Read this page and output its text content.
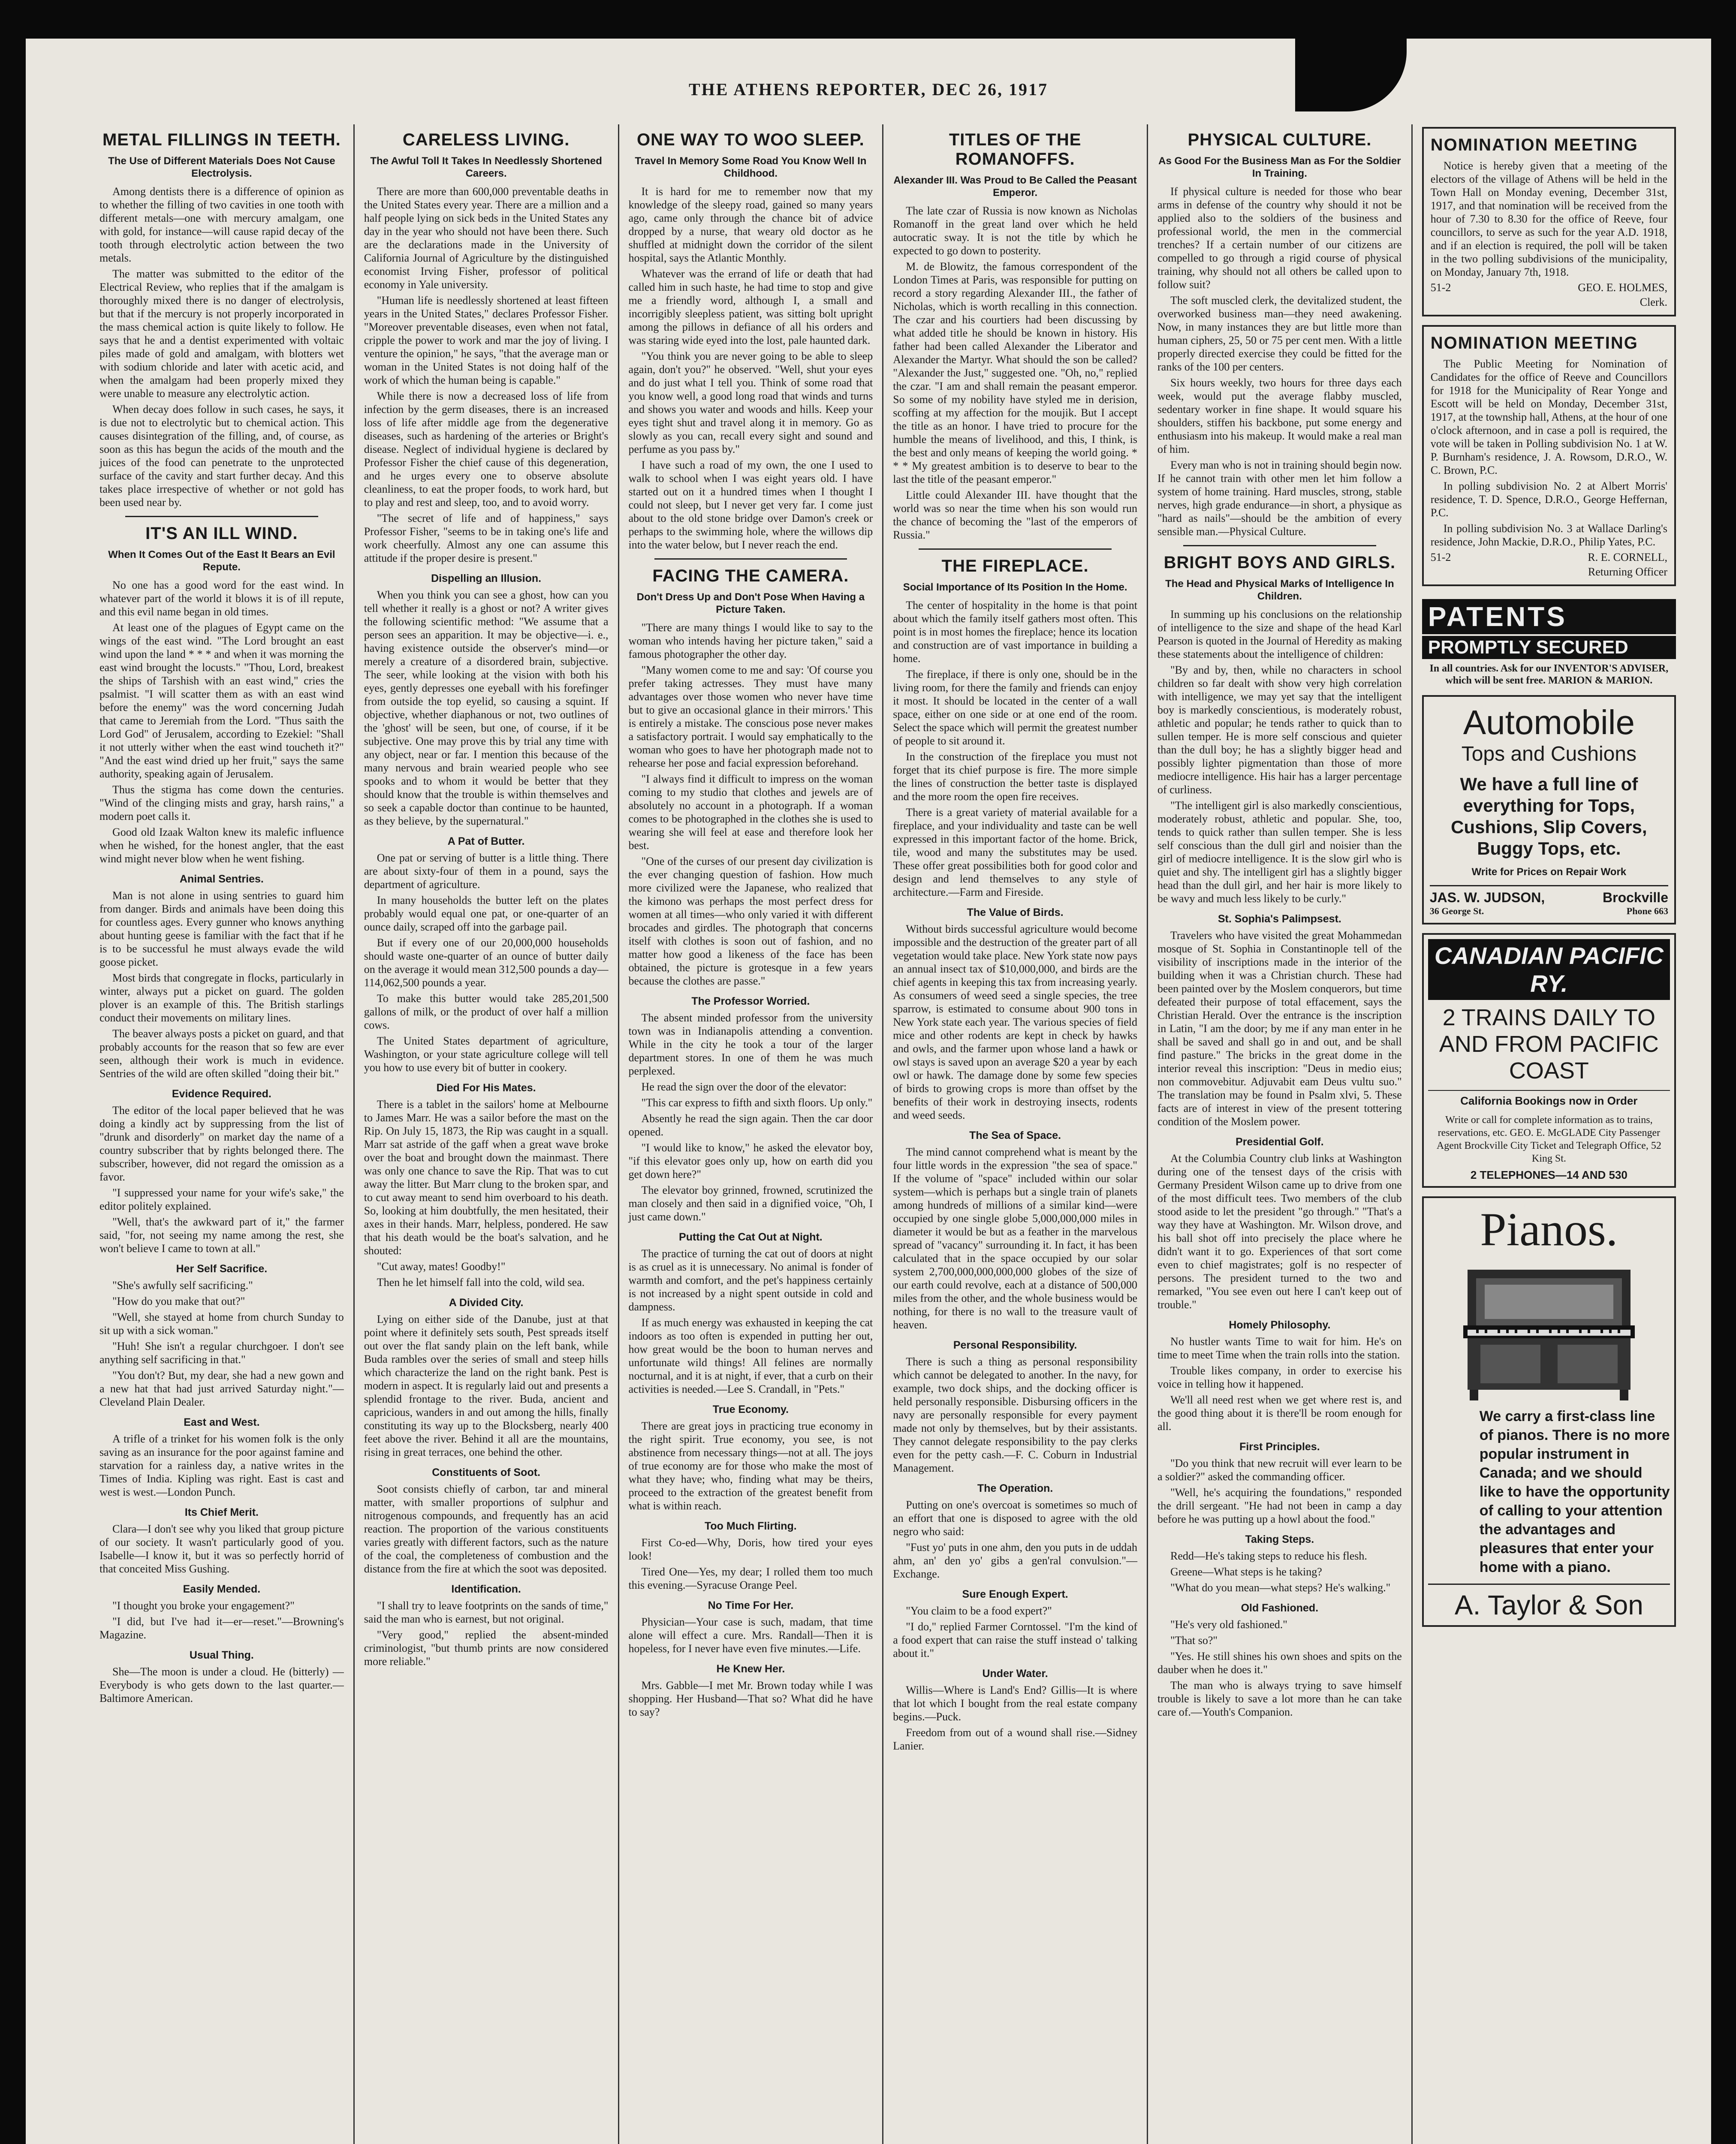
THE ATHENS REPORTER, DEC 26, 1917
METAL FILLINGS IN TEETH.
The Use of Different Materials Does Not Cause Electrolysis.

Among dentists there is a difference of opinion as to whether the filling of two cavities in one tooth with different metals—one with mercury amalgam, one with gold, for instance—will cause rapid decay of the tooth through electrolytic action between the two metals.

The matter was submitted to the editor of the Electrical Review, who replies that if the amalgam is thoroughly mixed there is no danger of electrolysis, but that if the mercury is not properly incorporated in the mass chemical action is quite likely to follow. He says that he and a dentist experimented with voltaic piles made of gold and amalgam, with blotters wet with sodium chloride and later with acetic acid, and when the amalgam had been properly mixed they were unable to measure any electrolytic action.

When decay does follow in such cases, he says, it is due not to electrolytic but to chemical action. This causes disintegration of the filling, and, of course, as soon as this has begun the acids of the mouth and the juices of the food can penetrate to the unprotected surface of the cavity and start further decay. And this takes place irrespective of whether or not gold has been used near by.

IT'S AN ILL WIND.
When It Comes Out of the East It Bears an Evil Repute.

No one has a good word for the east wind. In whatever part of the world it blows it is of ill repute, and this evil name began in old times.

At least one of the plagues of Egypt came on the wings of the east wind. "The Lord brought an east wind upon the land * * * and when it was morning the east wind brought the locusts." "Thou, Lord, breakest the ships of Tarshish with an east wind," cries the psalmist. "I will scatter them as with an east wind before the enemy" was the word concerning Judah that came to Jeremiah from the Lord. "Thus saith the Lord God" of Jerusalem, according to Ezekiel: "Shall it not utterly wither when the east wind toucheth it?" "And the east wind dried up her fruit," says the same authority, speaking again of Jerusalem.

Thus the stigma has come down the centuries. "Wind of the clinging mists and gray, harsh rains," a modern poet calls it.

Good old Izaak Walton knew its malefic influence when he wished, for the honest angler, that the east wind might never blow when he went fishing.

Animal Sentries.

Man is not alone in using sentries to guard him from danger. Birds and animals have been doing this for countless ages. Every gunner who knows anything about hunting geese is familiar with the fact that if he is to be successful he must always evade the wild goose picket.

Most birds that congregate in flocks, particularly in winter, always put a picket on guard. The golden plover is an example of this. The British starlings conduct their movements on military lines.

The beaver always posts a picket on guard, and that probably accounts for the reason that so few are ever seen, although their work is much in evidence. Sentries of the wild are often skilled "doing their bit."

Evidence Required.

The editor of the local paper believed that he was doing a kindly act by suppressing from the list of "drunk and disorderly" on market day the name of a country subscriber that by rights belonged there. The subscriber, however, did not regard the omission as a favor.

"I suppressed your name for your wife's sake," the editor politely explained.

"Well, that's the awkward part of it," the farmer said, "for, not seeing my name among the rest, she won't believe I came to town at all."

Her Self Sacrifice.

"She's awfully self sacrificing."

"How do you make that out?"

"Well, she stayed at home from church Sunday to sit up with a sick woman."

"Huh! She isn't a regular churchgoer. I don't see anything self sacrificing in that."

"You don't? But, my dear, she had a new gown and a new hat that had just arrived Saturday night."—Cleveland Plain Dealer.

East and West.

A trifle of a trinket for his women folk is the only saving as an insurance for the poor against famine and starvation for a rainless day, a native writes in the Times of India. Kipling was right. East is cast and west is west.—London Punch.

Its Chief Merit.

Clara—I don't see why you liked that group picture of our society. It wasn't particularly good of you. Isabelle—I know it, but it was so perfectly horrid of that conceited Miss Gushing.

Easily Mended.

"I thought you broke your engagement?"

"I did, but I've had it—er—reset."—Browning's Magazine.

Usual Thing.

She—The moon is under a cloud. He (bitterly) — Everybody is who gets down to the last quarter.—Baltimore American.

CARELESS LIVING.
The Awful Toll It Takes In Needlessly Shortened Careers.

There are more than 600,000 preventable deaths in the United States every year. There are a million and a half people lying on sick beds in the United States any day in the year who should not have been there. Such are the declarations made in the University of California Journal of Agriculture by the distinguished economist Irving Fisher, professor of political economy in Yale university.

"Human life is needlessly shortened at least fifteen years in the United States," declares Professor Fisher. "Moreover preventable diseases, even when not fatal, cripple the power to work and mar the joy of living. I venture the opinion," he says, "that the average man or woman in the United States is not doing half of the work of which the human being is capable."

While there is now a decreased loss of life from infection by the germ diseases, there is an increased loss of life after middle age from the degenerative diseases, such as hardening of the arteries or Bright's disease. Neglect of individual hygiene is declared by Professor Fisher the chief cause of this degeneration, and he urges every one to observe absolute cleanliness, to eat the proper foods, to work hard, but to play and rest and sleep, too, and to avoid worry.

"The secret of life and of happiness," says Professor Fisher, "seems to be in taking one's life and work cheerfully. Almost any one can assume this attitude if the proper desire is present."

Dispelling an Illusion.

When you think you can see a ghost, how can you tell whether it really is a ghost or not? A writer gives the following scientific method: "We assume that a person sees an apparition. It may be objective—i. e., having existence outside the observer's mind—or merely a creature of a disordered brain, subjective. The seer, while looking at the vision with both his eyes, gently depresses one eyeball with his forefinger from outside the top eyelid, so causing a squint. If objective, whether diaphanous or not, two outlines of the 'ghost' will be seen, but one, of course, if it be subjective. One may prove this by trial any time with any object, near or far. I mention this because of the many nervous and brain wearied people who see spooks and to whom it would be better that they should know that the trouble is within themselves and so seek a capable doctor than continue to be haunted, as they believe, by the supernatural."

A Pat of Butter.

One pat or serving of butter is a little thing. There are about sixty-four of them in a pound, says the department of agriculture.

In many households the butter left on the plates probably would equal one pat, or one-quarter of an ounce daily, scraped off into the garbage pail.

But if every one of our 20,000,000 households should waste one-quarter of an ounce of butter daily on the average it would mean 312,500 pounds a day—114,062,500 pounds a year.

To make this butter would take 285,201,500 gallons of milk, or the product of over half a million cows.

The United States department of agriculture, Washington, or your state agriculture college will tell you how to use every bit of butter in cookery.

Died For His Mates.

There is a tablet in the sailors' home at Melbourne to James Marr. He was a sailor before the mast on the Rip. On July 15, 1873, the Rip was caught in a squall. Marr sat astride of the gaff when a great wave broke over the boat and brought down the mainmast. There was only one chance to save the Rip. That was to cut away the litter. But Marr clung to the broken spar, and to cut away meant to send him overboard to his death. So, looking at him doubtfully, the men hesitated, their axes in their hands. Marr, helpless, pondered. He saw that his death would be the boat's salvation, and he shouted:

"Cut away, mates! Goodby!"

Then he let himself fall into the cold, wild sea.

A Divided City.

Lying on either side of the Danube, just at that point where it definitely sets south, Pest spreads itself out over the flat sandy plain on the left bank, while Buda rambles over the series of small and steep hills which characterize the land on the right bank. Pest is modern in aspect. It is regularly laid out and presents a splendid frontage to the river. Buda, ancient and capricious, wanders in and out among the hills, finally constituting its way up to the Blocksberg, nearly 400 feet above the river. Behind it all are the mountains, rising in great terraces, one behind the other.

Constituents of Soot.

Soot consists chiefly of carbon, tar and mineral matter, with smaller proportions of sulphur and nitrogenous compounds, and frequently has an acid reaction. The proportion of the various constituents varies greatly with different factors, such as the nature of the coal, the completeness of combustion and the distance from the fire at which the soot was deposited.

Identification.

"I shall try to leave footprints on the sands of time," said the man who is earnest, but not original.

"Very good," replied the absent-minded criminologist, "but thumb prints are now considered more reliable."

ONE WAY TO WOO SLEEP.
Travel In Memory Some Road You Know Well In Childhood.

It is hard for me to remember now that my knowledge of the sleepy road, gained so many years ago, came only through the chance bit of advice dropped by a nurse, that weary old doctor as he shuffled at midnight down the corridor of the silent hospital, says the Atlantic Monthly.

Whatever was the errand of life or death that had called him in such haste, he had time to stop and give me a friendly word, although I, a small and incorrigibly sleepless patient, was sitting bolt upright among the pillows in defiance of all his orders and was staring wide eyed into the lost, pale haunted dark.

"You think you are never going to be able to sleep again, don't you?" he observed. "Well, shut your eyes and do just what I tell you. Think of some road that you know well, a good long road that winds and turns and shows you water and woods and hills. Keep your eyes tight shut and travel along it in memory. Go as slowly as you can, recall every sight and sound and perfume as you pass by."

I have such a road of my own, the one I used to walk to school when I was eight years old. I have started out on it a hundred times when I thought I could not sleep, but I never get very far. I come just about to the old stone bridge over Damon's creek or perhaps to the swimming hole, where the willows dip into the water below, but I never reach the end.

FACING THE CAMERA.
Don't Dress Up and Don't Pose When Having a Picture Taken.

"There are many things I would like to say to the woman who intends having her picture taken," said a famous photographer the other day.

"Many women come to me and say: 'Of course you prefer taking actresses. They must have many advantages over those women who never have time but to give an occasional glance in their mirrors.' This is entirely a mistake. The conscious pose never makes a satisfactory portrait. I would say emphatically to the woman who goes to have her photograph made not to rehearse her pose and facial expression beforehand.

"I always find it difficult to impress on the woman coming to my studio that clothes and jewels are of absolutely no account in a photograph. If a woman comes to be photographed in the clothes she is used to wearing she will feel at ease and therefore look her best.

"One of the curses of our present day civilization is the ever changing question of fashion. How much more civilized were the Japanese, who realized that the kimono was perhaps the most perfect dress for women at all times—who only varied it with different brocades and girdles. The photograph that concerns itself with clothes is soon out of fashion, and no matter how good a likeness of the face has been obtained, the picture is grotesque in a few years because the clothes are passe."

The Professor Worried.

The absent minded professor from the university town was in Indianapolis attending a convention. While in the city he took a tour of the larger department stores. In one of them he was much perplexed.

He read the sign over the door of the elevator:

"This car express to fifth and sixth floors. Up only."

Absently he read the sign again. Then the car door opened.

"I would like to know," he asked the elevator boy, "if this elevator goes only up, how on earth did you get down here?"

The elevator boy grinned, frowned, scrutinized the man closely and then said in a dignified voice, "Oh, I just came down."

Putting the Cat Out at Night.

The practice of turning the cat out of doors at night is as cruel as it is unnecessary. No animal is fonder of warmth and comfort, and the pet's happiness certainly is not increased by a night spent outside in cold and dampness.

If as much energy was exhausted in keeping the cat indoors as too often is expended in putting her out, how great would be the boon to human nerves and unfortunate wild things! All felines are normally nocturnal, and it is at night, if ever, that a curb on their activities is needed.—Lee S. Crandall, in "Pets."

True Economy.

There are great joys in practicing true economy in the right spirit. True economy, you see, is not abstinence from necessary things—not at all. The joys of true economy are for those who make the most of what they have; who, finding what may be theirs, proceed to the extraction of the greatest benefit from what is within reach.

Too Much Flirting.

First Co-ed—Why, Doris, how tired your eyes look!

Tired One—Yes, my dear; I rolled them too much this evening.—Syracuse Orange Peel.

No Time For Her.

Physician—Your case is such, madam, that time alone will effect a cure. Mrs. Randall—Then it is hopeless, for I never have even five minutes.—Life.

He Knew Her.

Mrs. Gabble—I met Mr. Brown today while I was shopping. Her Husband—That so? What did he have to say?

TITLES OF THE ROMANOFFS.
Alexander III. Was Proud to Be Called the Peasant Emperor.

The late czar of Russia is now known as Nicholas Romanoff in the great land over which he held autocratic sway. It is not the title by which he expected to go down to posterity.

M. de Blowitz, the famous correspondent of the London Times at Paris, was responsible for putting on record a story regarding Alexander III., the father of Nicholas, which is worth recalling in this connection. The czar and his courtiers had been discussing by what added title he should be known in history. His father had been called Alexander the Liberator and Alexander the Martyr. What should the son be called? "Alexander the Just," suggested one. "Oh, no," replied the czar. "I am and shall remain the peasant emperor. So some of my nobility have styled me in derision, scoffing at my affection for the moujik. But I accept the title as an honor. I have tried to procure for the humble the means of livelihood, and this, I think, is the best and only means of keeping the world going. * * * My greatest ambition is to deserve to bear to the last the title of the peasant emperor."

Little could Alexander III. have thought that the world was so near the time when his son would run the chance of becoming the "last of the emperors of Russia."

THE FIREPLACE.
Social Importance of Its Position In the Home.

The center of hospitality in the home is that point about which the family itself gathers most often. This point is in most homes the fireplace; hence its location and construction are of vast importance in building a home.

The fireplace, if there is only one, should be in the living room, for there the family and friends can enjoy it most. It should be located in the center of a wall space, either on one side or at one end of the room. Select the space which will permit the greatest number of people to sit around it.

In the construction of the fireplace you must not forget that its chief purpose is fire. The more simple the lines of construction the better taste is displayed and the more room the open fire receives.

There is a great variety of material available for a fireplace, and your individuality and taste can be well expressed in this important factor of the home. Brick, tile, wood and many the substitutes may be used. These offer great possibilities both for good color and design and lend themselves to any style of architecture.—Farm and Fireside.

The Value of Birds.

Without birds successful agriculture would become impossible and the destruction of the greater part of all vegetation would take place. New York state now pays an annual insect tax of $10,000,000, and birds are the chief agents in keeping this tax from increasing yearly. As consumers of weed seed a single species, the tree sparrow, is estimated to consume about 900 tons in New York state each year. The various species of field mice and other rodents are kept in check by hawks and owls, and the farmer upon whose land a hawk or owl stays is saved upon an average $20 a year by each owl or hawk. The damage done by some few species of birds to growing crops is more than offset by the benefits of their work in destroying insects, rodents and weed seeds.

The Sea of Space.

The mind cannot comprehend what is meant by the four little words in the expression "the sea of space." If the volume of "space" included within our solar system—which is perhaps but a single train of planets among hundreds of millions of a similar kind—were occupied by one single globe 5,000,000,000 miles in diameter it would be but as a feather in the marvelous spread of "vacancy" surrounding it. In fact, it has been calculated that in the space occupied by our solar system 2,700,000,000,000,000 globes of the size of our earth could revolve, each at a distance of 500,000 miles from the other, and the whole business would be nothing, for there is no wall to the treasure vault of heaven.

Personal Responsibility.

There is such a thing as personal responsibility which cannot be delegated to another. In the navy, for example, two dock ships, and the docking officer is held personally responsible. Disbursing officers in the navy are personally responsible for every payment made not only by themselves, but by their assistants. They cannot delegate responsibility to the pay clerks even for the petty cash.—F. C. Coburn in Industrial Management.

The Operation.

Putting on one's overcoat is sometimes so much of an effort that one is disposed to agree with the old negro who said:

"Fust yo' puts in one ahm, den you puts in de uddah ahm, an' den yo' gibs a gen'ral convulsion."—Exchange.

Sure Enough Expert.

"You claim to be a food expert?"

"I do," replied Farmer Corntossel. "I'm the kind of a food expert that can raise the stuff instead o' talking about it."

Under Water.

Willis—Where is Land's End? Gillis—It is where that lot which I bought from the real estate company begins.—Puck.

Freedom from out of a wound shall rise.—Sidney Lanier.

PHYSICAL CULTURE.
As Good For the Business Man as For the Soldier In Training.

If physical culture is needed for those who bear arms in defense of the country why should it not be applied also to the soldiers of the business and professional world, the men in the commercial trenches? If a certain number of our citizens are compelled to go through a rigid course of physical training, why should not all others be called upon to follow suit?

The soft muscled clerk, the devitalized student, the overworked business man—they need awakening. Now, in many instances they are but little more than human ciphers, 25, 50 or 75 per cent men. With a little properly directed exercise they could be fitted for the ranks of the 100 per centers.

Six hours weekly, two hours for three days each week, would put the average flabby muscled, sedentary worker in fine shape. It would square his shoulders, stiffen his backbone, put some energy and enthusiasm into his makeup. It would make a real man of him.

Every man who is not in training should begin now. If he cannot train with other men let him follow a system of home training. Hard muscles, strong, stable nerves, high grade endurance—in short, a physique as "hard as nails"—should be the ambition of every sensible man.—Physical Culture.

BRIGHT BOYS AND GIRLS.
The Head and Physical Marks of Intelligence In Children.

In summing up his conclusions on the relationship of intelligence to the size and shape of the head Karl Pearson is quoted in the Journal of Heredity as making these statements about the intelligence of children:

"By and by, then, while no characters in school children so far dealt with show very high correlation with intelligence, we may yet say that the intelligent boy is markedly conscientious, is moderately robust, athletic and popular; he tends rather to quick than to sullen temper. He is more self conscious and quieter than the dull boy; he has a slightly bigger head and possibly lighter pigmentation than those of more mediocre intelligence. His hair has a larger percentage of curliness.

"The intelligent girl is also markedly conscientious, moderately robust, athletic and popular. She, too, tends to quick rather than sullen temper. She is less self conscious than the dull girl and noisier than the girl of mediocre intelligence. It is the slow girl who is quiet and shy. The intelligent girl has a slightly bigger head than the dull girl, and her hair is more likely to be wavy and much less likely to be curly."

St. Sophia's Palimpsest.

Travelers who have visited the great Mohammedan mosque of St. Sophia in Constantinople tell of the visibility of inscriptions made in the interior of the building when it was a Christian church. These had been painted over by the Moslem conquerors, but time defeated their purpose of total effacement, says the Christian Herald. Over the entrance is the inscription in Latin, "I am the door; by me if any man enter in he shall be saved and shall go in and out, and be shall find pasture." The bricks in the great dome in the interior reveal this inscription: "Deus in medio eius; non commovebitur. Adjuvabit eam Deus vultu suo." The translation may be found in Psalm xlvi, 5. These facts are of interest in view of the present tottering condition of the Moslem power.

Presidential Golf.

At the Columbia Country club links at Washington during one of the tensest days of the crisis with Germany President Wilson came up to drive from one of the most difficult tees. Two members of the club stood aside to let the president "go through." "That's a way they have at Washington. Mr. Wilson drove, and his ball shot off into precisely the place where he didn't want it to go. Experiences of that sort come even to chief magistrates; golf is no respecter of persons. The president turned to the two and remarked, "You see even out here I can't keep out of trouble."

Homely Philosophy.

No hustler wants Time to wait for him. He's on time to meet Time when the train rolls into the station.

Trouble likes company, in order to exercise his voice in telling how it happened.

We'll all need rest when we get where rest is, and the good thing about it is there'll be room enough for all.

First Principles.

"Do you think that new recruit will ever learn to be a soldier?" asked the commanding officer.

"Well, he's acquiring the foundations," responded the drill sergeant. "He had not been in camp a day before he was putting up a howl about the food."

Taking Steps.

Redd—He's taking steps to reduce his flesh.

Greene—What steps is he taking?

"What do you mean—what steps? He's walking."

Old Fashioned.

"He's very old fashioned."

"That so?"

"Yes. He still shines his own shoes and spits on the dauber when he does it."

The man who is always trying to save himself trouble is likely to save a lot more than he can take care of.—Youth's Companion.

NOMINATION MEETING

Notice is hereby given that a meeting of the electors of the village of Athens will be held in the Town Hall on Monday evening, December 31st, 1917, and that nomination will be received from the hour of 7.30 to 8.30 for the office of Reeve, four councillors, to serve as such for the year A.D. 1918, and if an election is required, the poll will be taken in the two polling subdivisions of the municipality, on Monday, January 7th, 1918.

51-2	GEO. E. HOLMES,
Clerk.
NOMINATION MEETING

The Public Meeting for Nomination of Candidates for the office of Reeve and Councillors for 1918 for the Municipality of Rear Yonge and Escott will be held on Monday, December 31st, 1917, at the township hall, Athens, at the hour of one o'clock afternoon, and in case a poll is required, the vote will be taken in Polling subdivision No. 1 at W. P. Burnham's residence, J. A. Rowsom, D.R.O., W. C. Brown, P.C.

In polling subdivision No. 2 at Albert Morris' residence, T. D. Spence, D.R.O., George Heffernan, P.C.

In polling subdivision No. 3 at Wallace Darling's residence, John Mackie, D.R.O., Philip Yates, P.C.

51-2	R. E. CORNELL,
Returning Officer
PATENTS
PROMPTLY SECURED
In all countries. Ask for our INVENTOR'S ADVISER, which will be sent free. MARION & MARION.
Automobile
Tops and Cushions
We have a full line of everything for Tops, Cushions, Slip Covers, Buggy Tops, etc.
Write for Prices on Repair Work
JAS. W. JUDSON,	Brockville
36 George St.	Phone 663
CANADIAN PACIFIC RY.
2 TRAINS DAILY TO AND FROM PACIFIC COAST
California Bookings now in Order
Write or call for complete information as to trains, reservations, etc. GEO. E. McGLADE City Passenger Agent Brockville City Ticket and Telegraph Office, 52 King St.
2 TELEPHONES—14 AND 530
Pianos.
We carry a first-class line of pianos. There is no more popular instrument in Canada; and we should like to have the opportunity of calling to your attention the advantages and pleasures that enter your home with a piano.
A. Taylor & Son
